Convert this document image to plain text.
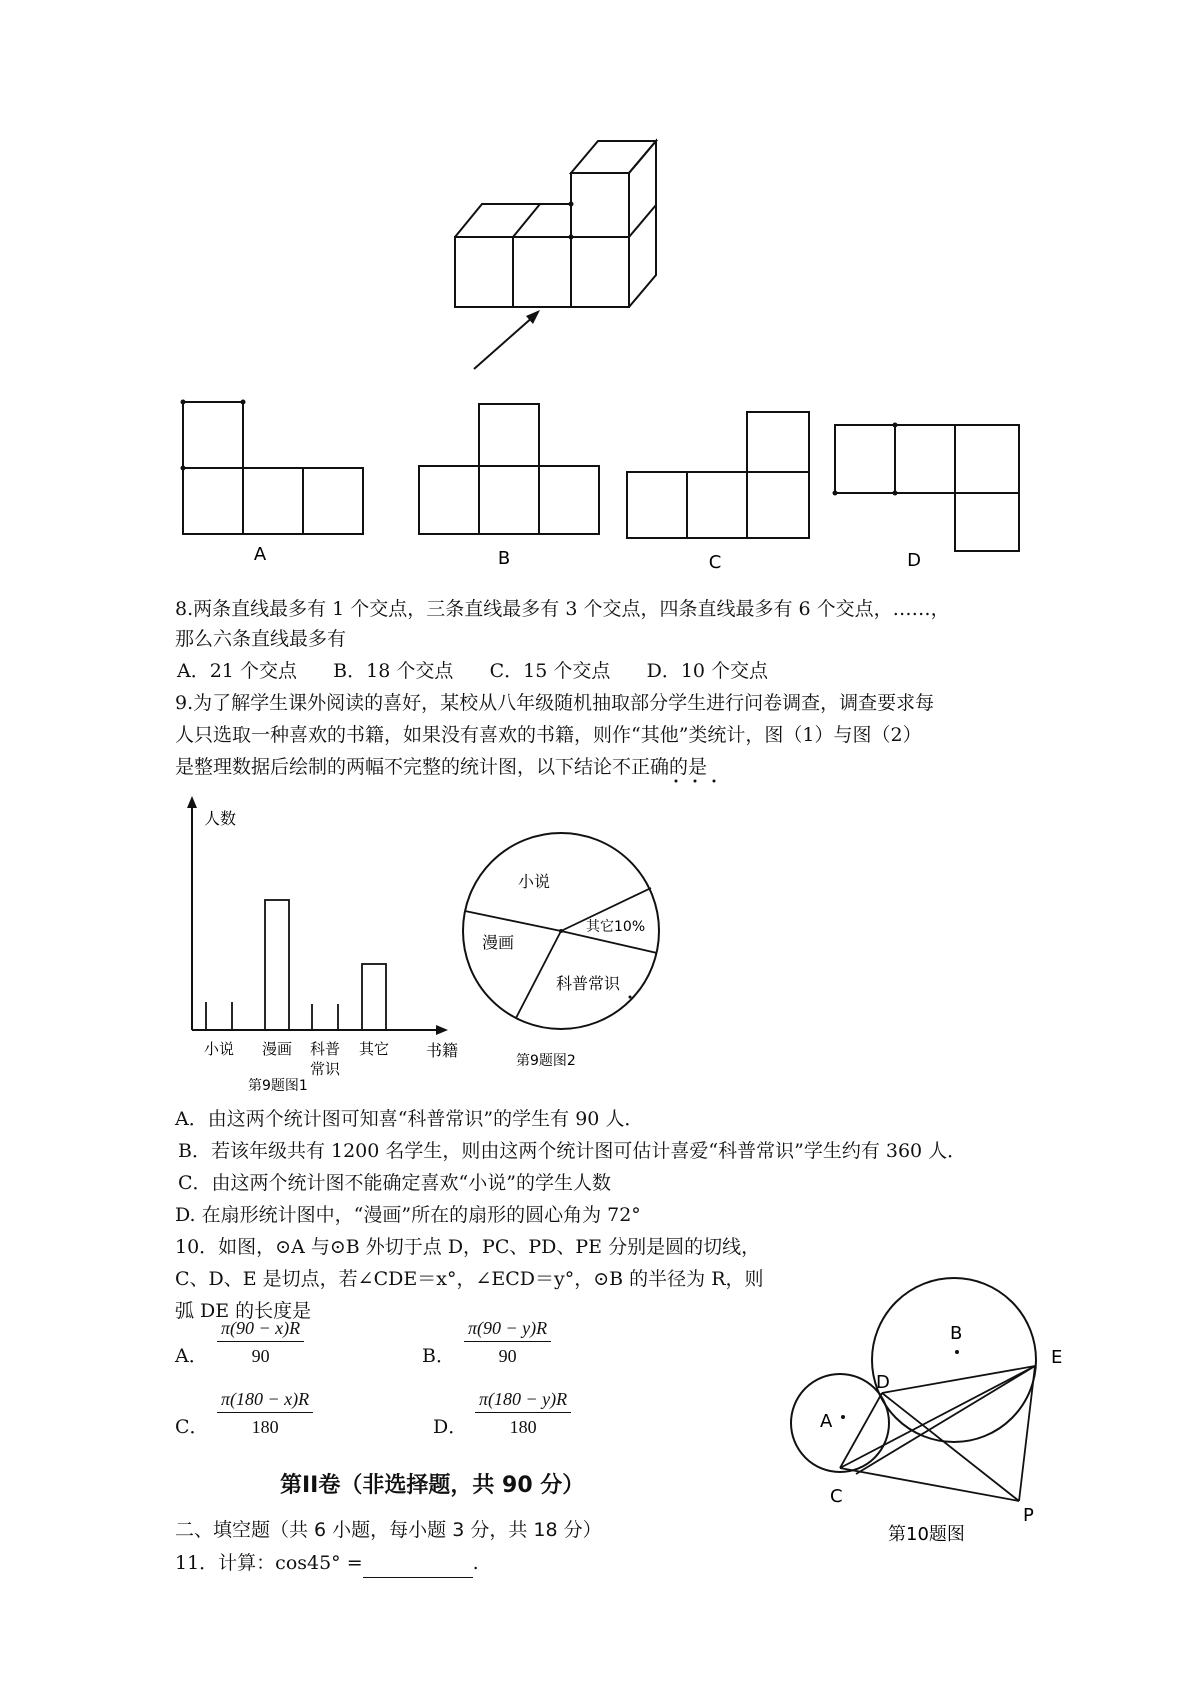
A	B	C	D
8.两条直线最多有 1 个交点，三条直线最多有 3 个交点，四条直线最多有 6 个交点，……，
那么六条直线最多有
A．21 个交点      B．18 个交点      C．15 个交点      D．10 个交点
9.为了解学生课外阅读的喜好，某校从八年级随机抽取部分学生进行问卷调查，调查要求每
人只选取一种喜欢的书籍，如果没有喜欢的书籍，则作“其他”类统计，图（1）与图（2）
是整理数据后绘制的两幅不完整的统计图，以下结论不正确的是
人数
书籍
小说 漫画 科普
常识
其它
第9题图1
小说
其它10%
漫画
科普常识
第9题图2
A．由这两个统计图可知喜“科普常识”的学生有 90 人．
B．若该年级共有 1200 名学生，则由这两个统计图可估计喜爱“科普常识”学生约有 360 人．
C．由这两个统计图不能确定喜欢“小说”的学生人数
D. 在扇形统计图中，“漫画”所在的扇形的圆心角为 72°
10．如图，⊙A 与⊙B 外切于点 D，PC、PD、PE 分别是圆的切线，
C、D、E 是切点，若∠CDE＝x°，∠ECD＝y°，⊙B 的半径为 R，则
弧 DE 的长度是
A． $\frac{\pi(90 - x)R}{90}$	B． $\frac{\pi(90 - y)R}{90}$
C． $\frac{\pi(180 - x)R}{180}$	D． $\frac{\pi(180 - y)R}{180}$
B
A
D
E
C
P
第10题图
第II卷（非选择题，共 90 分）
二、填空题（共 6 小题，每小题 3 分，共 18 分）
11．计算：cos45° =	.
